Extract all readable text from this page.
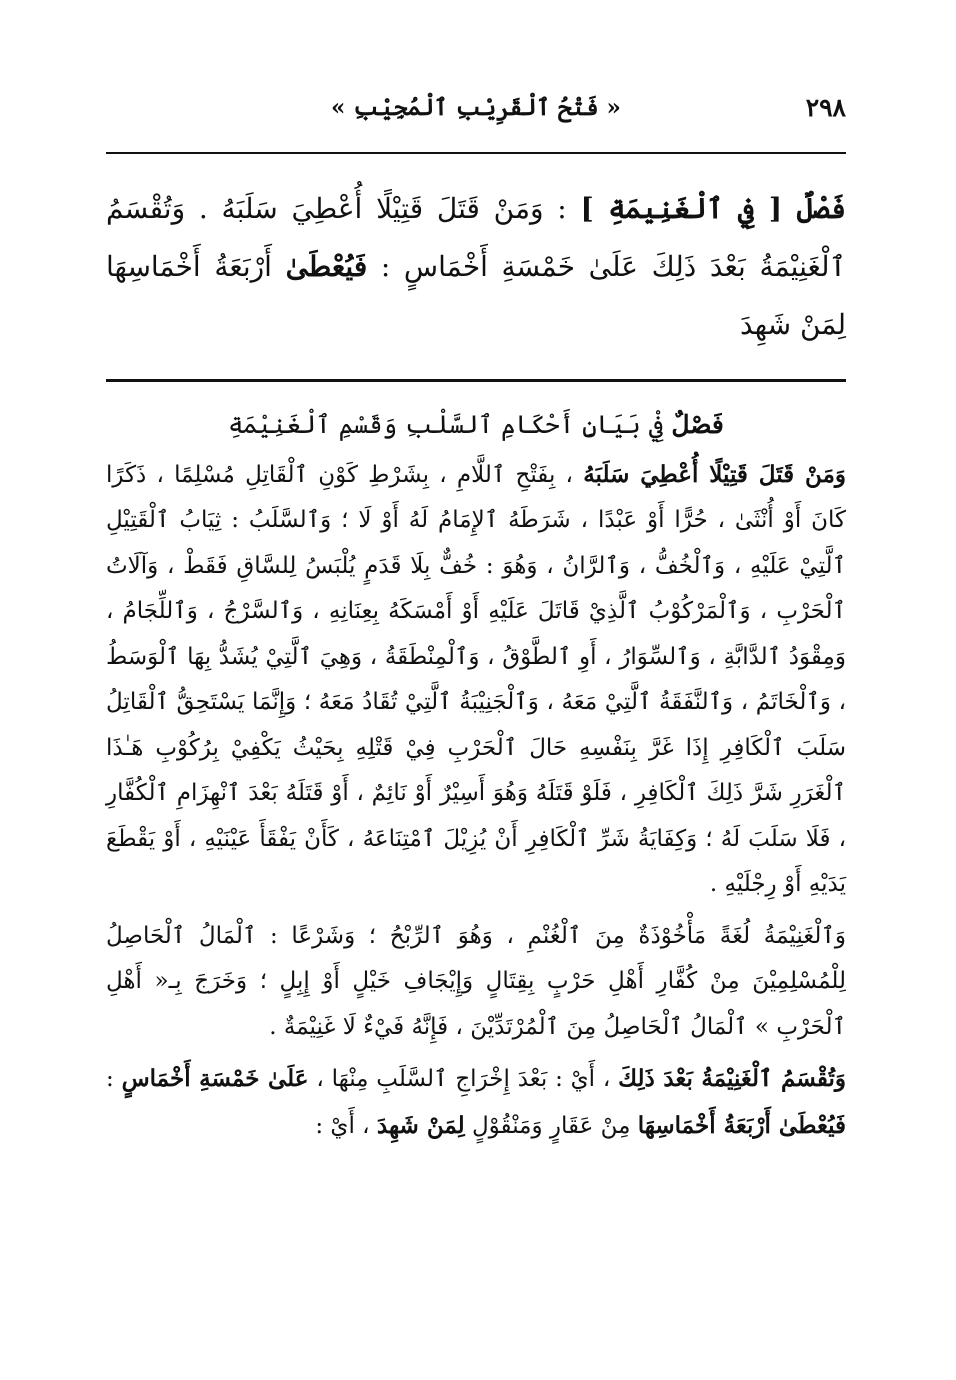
٢٩٨
« فَتْحُ ٱلْقَرِيْبِ ٱلْمُجِيْبِ »
فَصْلٌ [ فِي ٱلْغَنِيمَةِ ] : وَمَنْ قَتَلَ قَتِيْلًا أُعْطِيَ سَلَبَهُ . وَتُقْسَمُ ٱلْغَنِيْمَةُ بَعْدَ ذَلِكَ عَلَىٰ خَمْسَةِ أَخْمَاسٍ : فَيُعْطَىٰ أَرْبَعَةُ أَخْمَاسِهَا لِمَنْ شَهِدَ
فَصْلٌ فِيْ بَيَانِ أَحْكَامِ ٱلسَّلْبِ وَقَسْمِ ٱلْغَنِيْمَةِ

وَمَنْ قَتَلَ قَتِيْلًا أُعْطِيَ سَلَبَهُ ، بِفَتْحِ ٱللَّامِ ، بِشَرْطِ كَوْنِ ٱلْقَاتِلِ مُسْلِمًا ، ذَكَرًا كَانَ أَوْ أُنْثَىٰ ، حُرًّا أَوْ عَبْدًا ، شَرَطَهُ ٱلإِمَامُ لَهُ أَوْ لَا ؛ وَٱلسَّلَبُ : ثِيَابُ ٱلْقَتِيْلِ ٱلَّتِيْ عَلَيْهِ ، وَٱلْخُفُّ ، وَٱلرَّانُ ، وَهُوَ : خُفٌّ بِلَا قَدَمٍ يُلْبَسُ لِلسَّاقِ فَقَطْ ، وَآلَاتُ ٱلْحَرْبِ ، وَٱلْمَرْكُوْبُ ٱلَّذِيْ قَاتَلَ عَلَيْهِ أَوْ أَمْسَكَهُ بِعِنَانِهِ ، وَٱلسَّرْجُ ، وَٱللِّجَامُ ، وَمِقْوَدُ ٱلدَّابَّةِ ، وَٱلسِّوَارُ ، أَوِ ٱلطَّوْقُ ، وَٱلْمِنْطَقَةُ ، وَهِيَ ٱلَّتِيْ يُشَدُّ بِهَا ٱلْوَسَطُ ، وَٱلْخَاتَمُ ، وَٱلنَّفَقَةُ ٱلَّتِيْ مَعَهُ ، وَٱلْجَنِيْبَةُ ٱلَّتِيْ تُقَادُ مَعَهُ ؛ وَإِنَّمَا يَسْتَحِقُّ ٱلْقَاتِلُ سَلَبَ ٱلْكَافِرِ إِذَا غَرَّ بِنَفْسِهِ حَالَ ٱلْحَرْبِ فِيْ قَتْلِهِ بِحَيْثُ يَكْفِيْ بِرُكُوْبِ هَـٰذَا ٱلْغَرَرِ شَرَّ ذَلِكَ ٱلْكَافِرِ ، فَلَوْ قَتَلَهُ وَهُوَ أَسِيْرٌ أَوْ نَائِمٌ ، أَوْ قَتَلَهُ بَعْدَ ٱنْهِزَامِ ٱلْكُفَّارِ ، فَلَا سَلَبَ لَهُ ؛ وَكِفَايَةُ شَرِّ ٱلْكَافِرِ أَنْ يُزِيْلَ ٱمْتِنَاعَهُ ، كَأَنْ يَفْقَأَ عَيْنَيْهِ ، أَوْ يَقْطَعَ يَدَيْهِ أَوْ رِجْلَيْهِ .

وَٱلْغَنِيْمَةُ لُغَةً مَأْخُوْذَةٌ مِنَ ٱلْغُنْمِ ، وَهُوَ ٱلرِّبْحُ ؛ وَشَرْعًا : ٱلْمَالُ ٱلْحَاصِلُ لِلْمُسْلِمِيْنَ مِنْ كُفَّارِ أَهْلِ حَرْبٍ بِقِتَالٍ وَإِيْجَافِ خَيْلٍ أَوْ إِبِلٍ ؛ وَخَرَجَ بِـ« أَهْلِ ٱلْحَرْبِ » ٱلْمَالُ ٱلْحَاصِلُ مِنَ ٱلْمُرْتَدِّيْنَ ، فَإِنَّهُ فَيْءٌ لَا غَنِيْمَةٌ .

وَتُقْسَمُ ٱلْغَنِيْمَةُ بَعْدَ ذَلِكَ ، أَيْ : بَعْدَ إِخْرَاجِ ٱلسَّلَبِ مِنْهَا ، عَلَىٰ خَمْسَةِ أَخْمَاسٍ : فَيُعْطَىٰ أَرْبَعَةُ أَخْمَاسِهَا مِنْ عَقَارٍ وَمَنْقُوْلٍ لِمَنْ شَهِدَ ، أَيْ :
